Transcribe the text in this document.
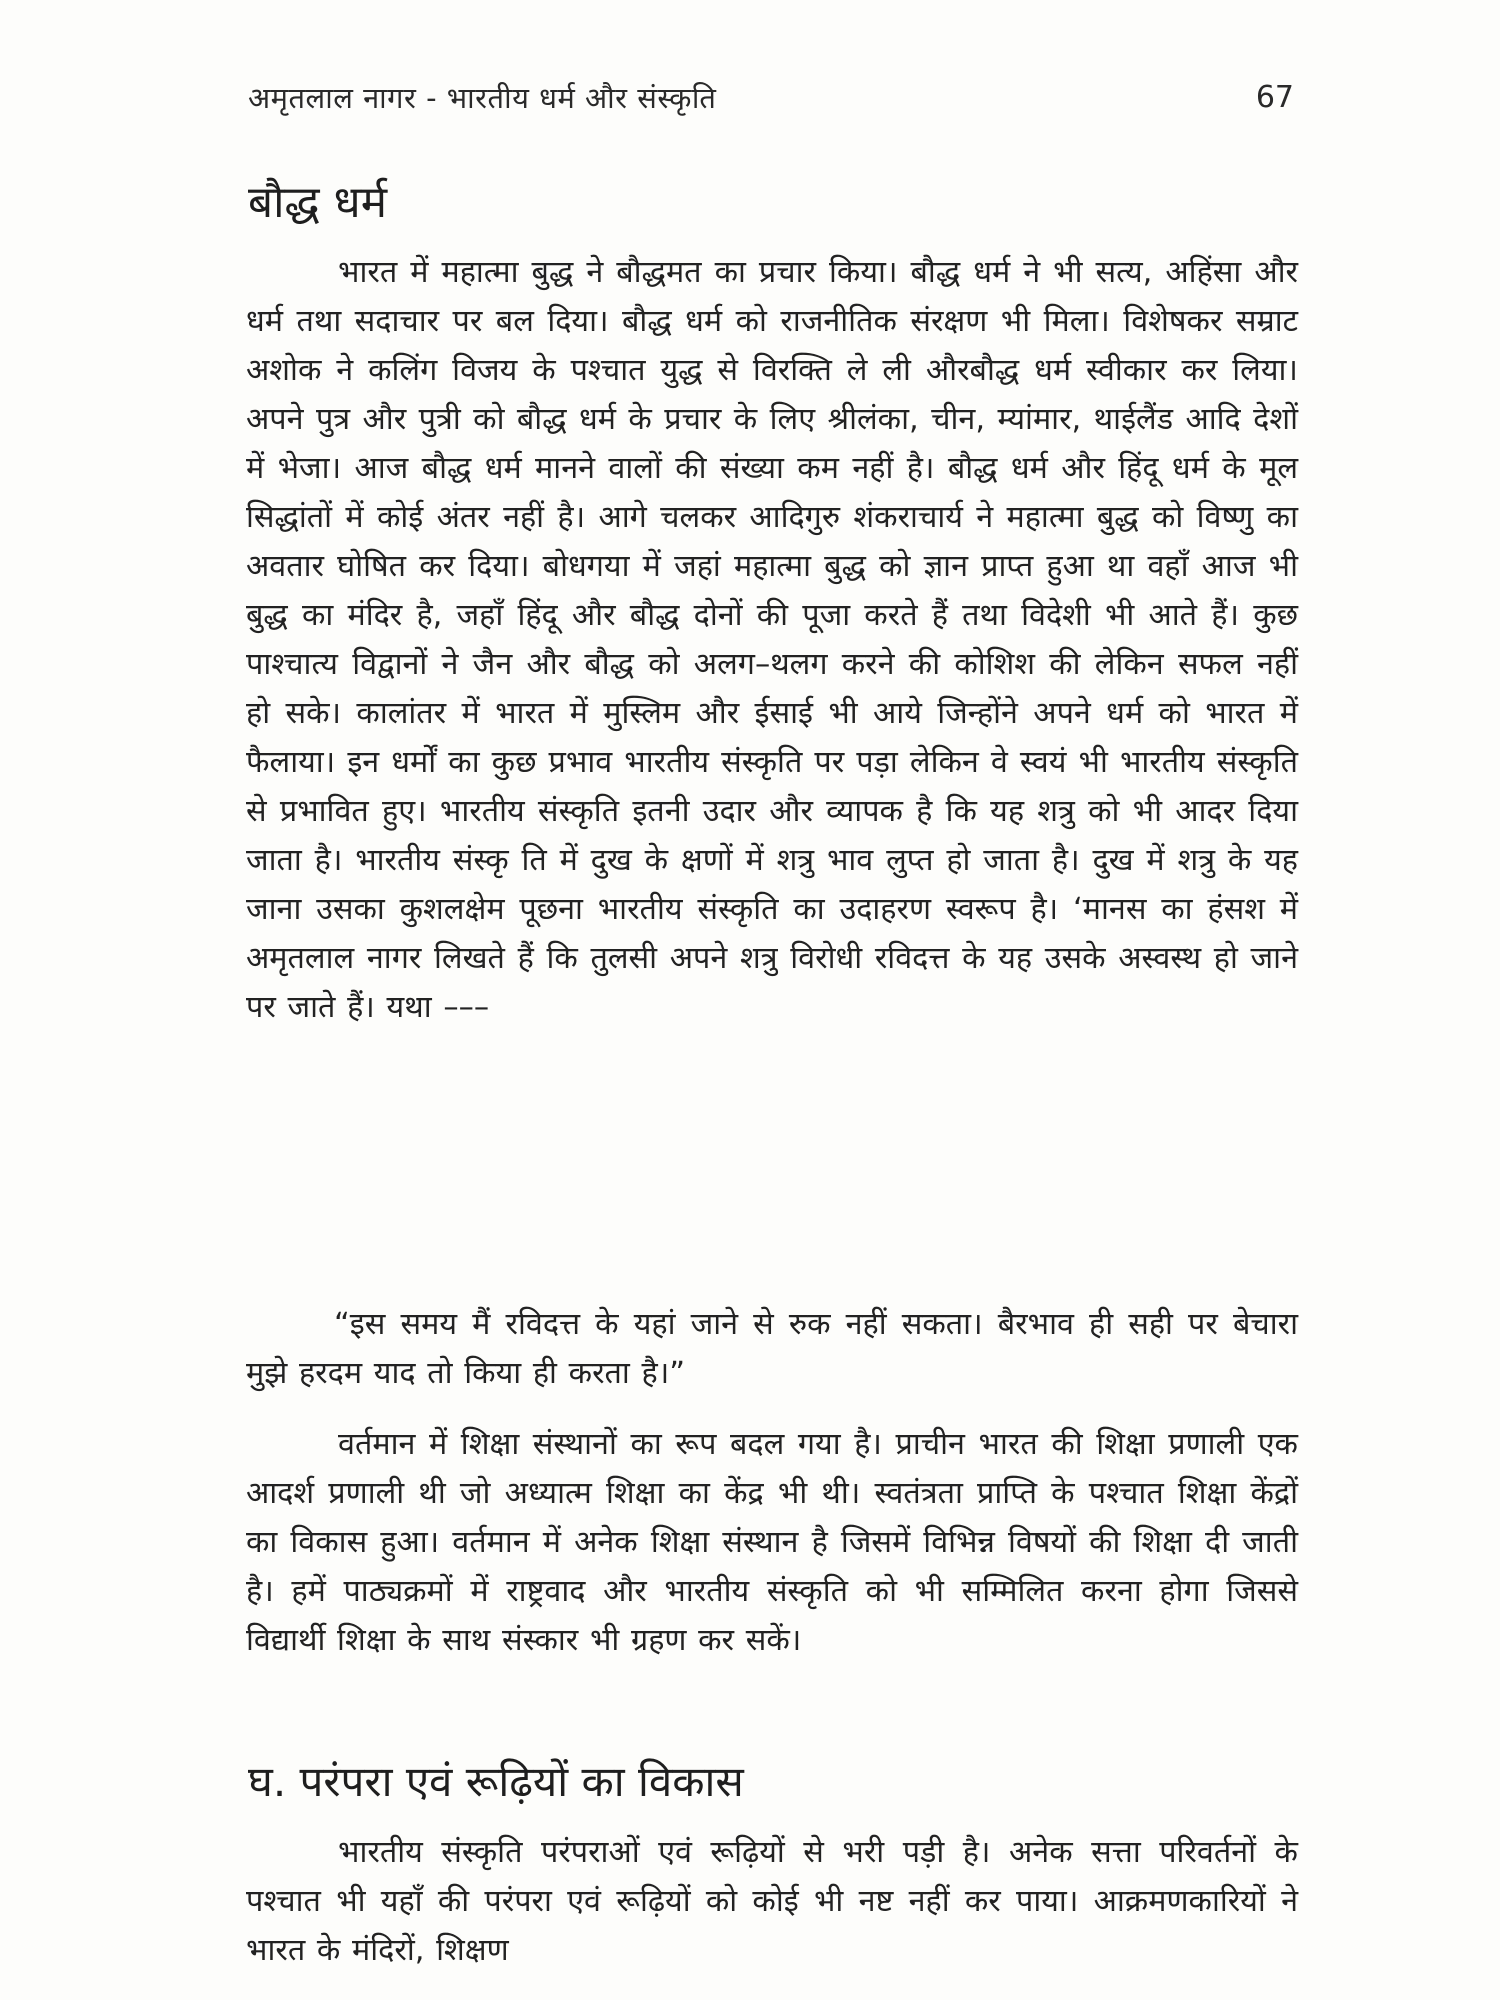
अमृतलाल नागर - भारतीय धर्म और संस्कृति	67
बौद्ध धर्म

भारत में महात्मा बुद्ध ने बौद्धमत का प्रचार किया। बौद्ध धर्म ने भी सत्य, अहिंसा और धर्म तथा सदाचार पर बल दिया। बौद्ध धर्म को राजनीतिक संरक्षण भी मिला। विशेषकर सम्राट अशोक ने कलिंग विजय के पश्चात युद्ध से विरक्ति ले ली औरबौद्ध धर्म स्वीकार कर लिया। अपने पुत्र और पुत्री को बौद्ध धर्म के प्रचार के लिए श्रीलंका, चीन, म्यांमार, थाईलैंड आदि देशों में भेजा। आज बौद्ध धर्म मानने वालों की संख्या कम नहीं है। बौद्ध धर्म और हिंदू धर्म के मूल सिद्धांतों में कोई अंतर नहीं है। आगे चलकर आदिगुरु शंकराचार्य ने महात्मा बुद्ध को विष्णु का अवतार घोषित कर दिया। बोधगया में जहां महात्मा बुद्ध को ज्ञान प्राप्त हुआ था वहाँ आज भी बुद्ध का मंदिर है, जहाँ हिंदू और बौद्ध दोनों की पूजा करते हैं तथा विदेशी भी आते हैं। कुछ पाश्चात्य विद्वानों ने जैन और बौद्ध को अलग–थलग करने की कोशिश की लेकिन सफल नहीं हो सके। कालांतर में भारत में मुस्लिम और ईसाई भी आये जिन्होंने अपने धर्म को भारत में फैलाया। इन धर्मों का कुछ प्रभाव भारतीय संस्कृति पर पड़ा लेकिन वे स्वयं भी भारतीय संस्कृति से प्रभावित हुए। भारतीय संस्कृति इतनी उदार और व्यापक है कि यह शत्रु को भी आदर दिया जाता है। भारतीय संस्कृ ति में दुख के क्षणों में शत्रु भाव लुप्त हो जाता है। दुख में शत्रु के यह जाना उसका कुशलक्षेम पूछना भारतीय संस्कृति का उदाहरण स्वरूप है। ‘मानस का हंसश में अमृतलाल नागर लिखते हैं कि तुलसी अपने शत्रु विरोधी रविदत्त के यह उसके अस्वस्थ हो जाने पर जाते हैं। यथा –––

“इस समय मैं रविदत्त के यहां जाने से रुक नहीं सकता। बैरभाव ही सही पर बेचारा मुझे हरदम याद तो किया ही करता है।”

वर्तमान में शिक्षा संस्थानों का रूप बदल गया है। प्राचीन भारत की शिक्षा प्रणाली एक आदर्श प्रणाली थी जो अध्यात्म शिक्षा का केंद्र भी थी। स्वतंत्रता प्राप्ति के पश्चात शिक्षा केंद्रों का विकास हुआ। वर्तमान में अनेक शिक्षा संस्थान है जिसमें विभिन्न विषयों की शिक्षा दी जाती है। हमें पाठ्यक्रमों में राष्ट्रवाद और भारतीय संस्कृति को भी सम्मिलित करना होगा जिससे विद्यार्थी शिक्षा के साथ संस्कार भी ग्रहण कर सकें।

घ. परंपरा एवं रूढ़ियों का विकास

भारतीय संस्कृति परंपराओं एवं रूढ़ियों से भरी पड़ी है। अनेक सत्ता परिवर्तनों के पश्चात भी यहाँ की परंपरा एवं रूढ़ियों को कोई भी नष्ट नहीं कर पाया। आक्रमणकारियों ने भारत के मंदिरों, शिक्षण
